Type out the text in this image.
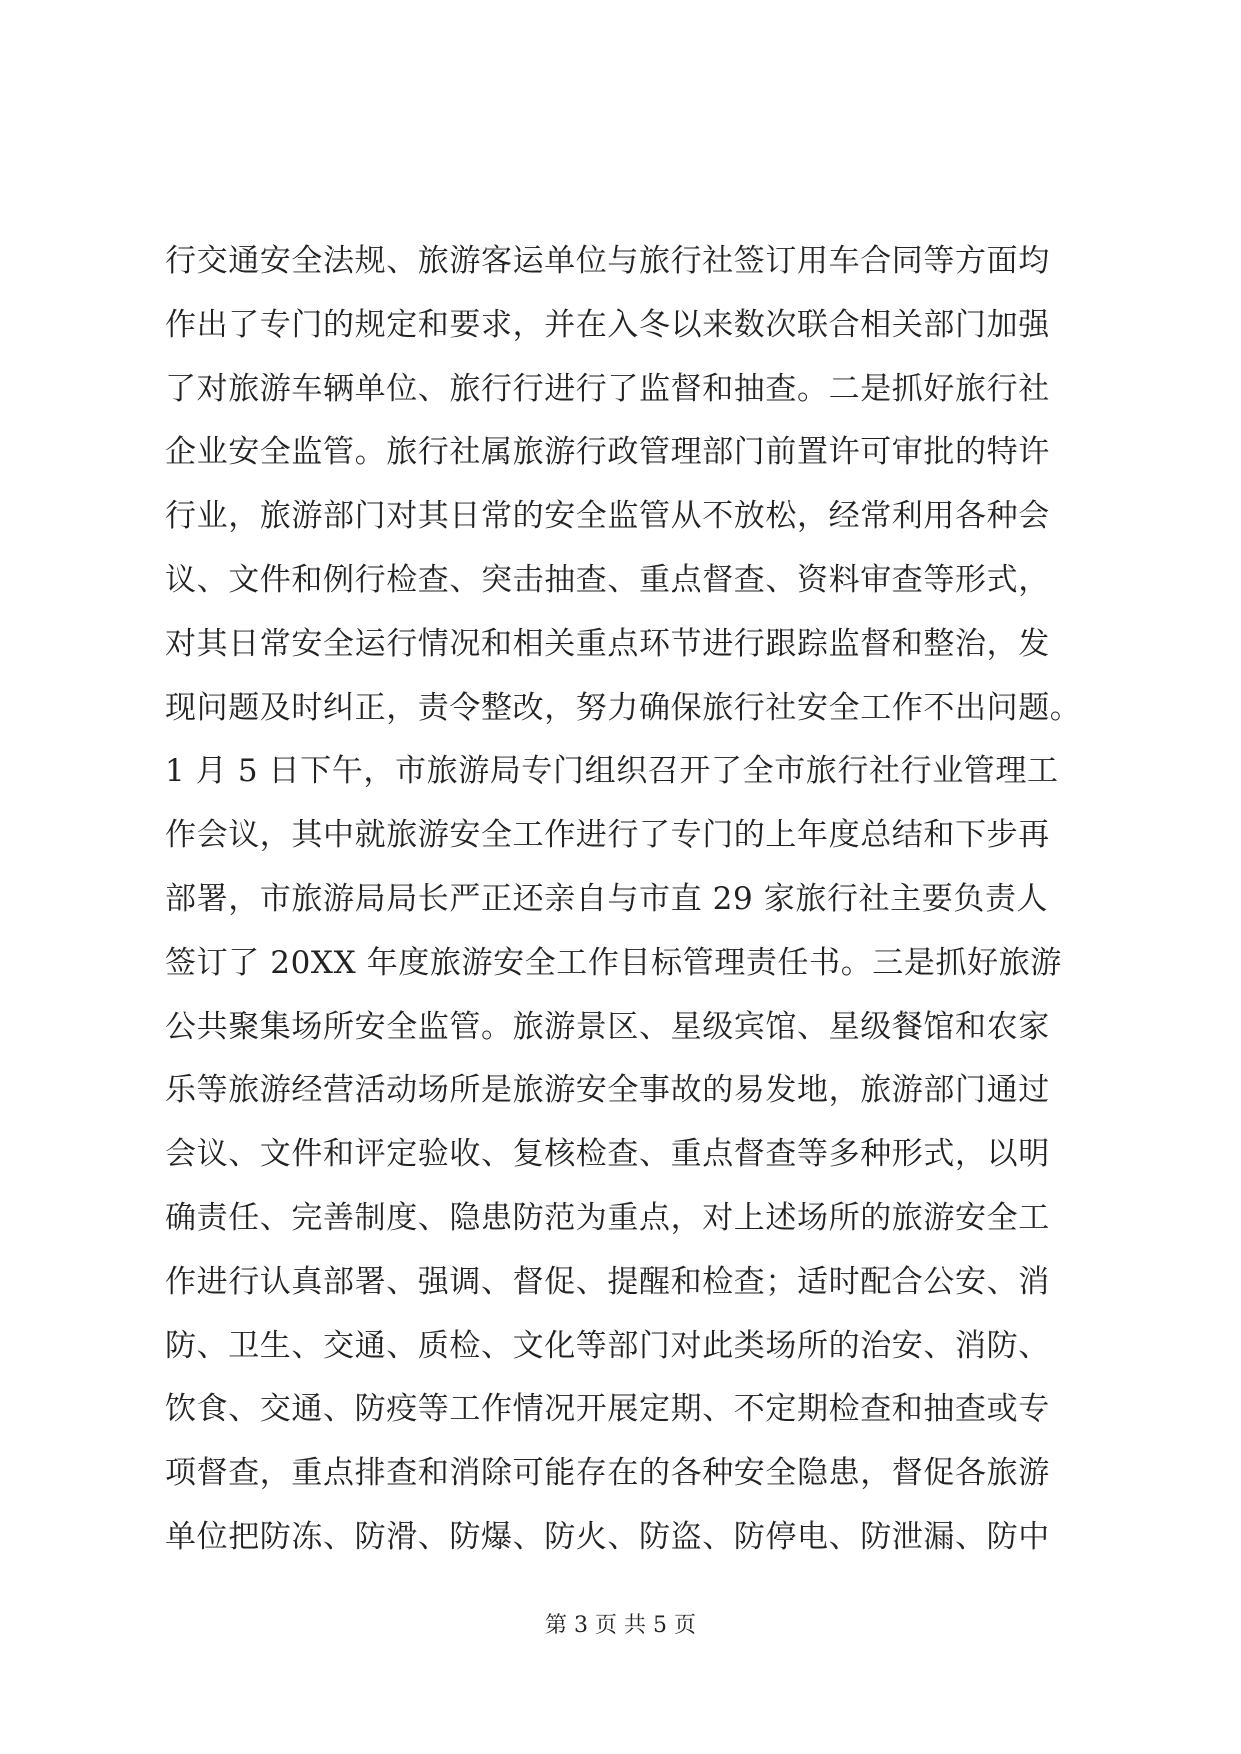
行交通安全法规、旅游客运单位与旅行社签订用车合同等方面均
作出了专门的规定和要求，并在入冬以来数次联合相关部门加强
了对旅游车辆单位、旅行行进行了监督和抽查。二是抓好旅行社
企业安全监管。旅行社属旅游行政管理部门前置许可审批的特许
行业，旅游部门对其日常的安全监管从不放松，经常利用各种会
议、文件和例行检查、突击抽查、重点督查、资料审查等形式，
对其日常安全运行情况和相关重点环节进行跟踪监督和整治，发
现问题及时纠正，责令整改，努力确保旅行社安全工作不出问题。
1 月 5 日下午，市旅游局专门组织召开了全市旅行社行业管理工
作会议，其中就旅游安全工作进行了专门的上年度总结和下步再
部署，市旅游局局长严正还亲自与市直 29 家旅行社主要负责人
签订了 20XX 年度旅游安全工作目标管理责任书。三是抓好旅游
公共聚集场所安全监管。旅游景区、星级宾馆、星级餐馆和农家
乐等旅游经营活动场所是旅游安全事故的易发地，旅游部门通过
会议、文件和评定验收、复核检查、重点督查等多种形式，以明
确责任、完善制度、隐患防范为重点，对上述场所的旅游安全工
作进行认真部署、强调、督促、提醒和检查；适时配合公安、消
防、卫生、交通、质检、文化等部门对此类场所的治安、消防、
饮食、交通、防疫等工作情况开展定期、不定期检查和抽查或专
项督查，重点排查和消除可能存在的各种安全隐患，督促各旅游
单位把防冻、防滑、防爆、防火、防盗、防停电、防泄漏、防中
第 3 页 共 5 页
